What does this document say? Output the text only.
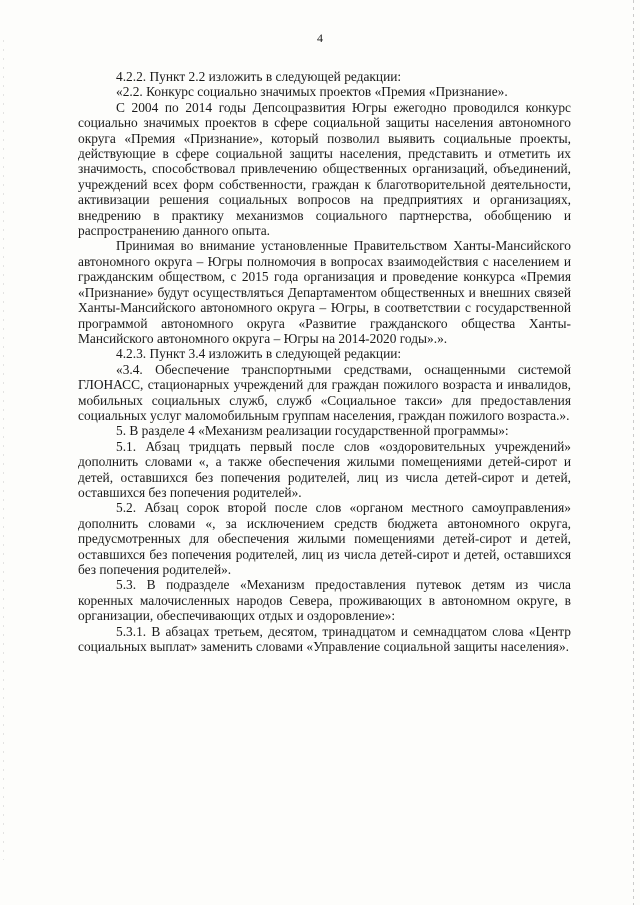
4

4.2.2. Пункт 2.2 изложить в следующей редакции:

«2.2. Конкурс социально значимых проектов «Премия «Признание».

С 2004 по 2014 годы Депсоцразвития Югры ежегодно проводился конкурс социально значимых проектов в сфере социальной защиты населения автономного округа «Премия «Признание», который позволил выявить социальные проекты, действующие в сфере социальной защиты населения, представить и отметить их значимость, способствовал привлечению общественных организаций, объединений, учреждений всех форм собственности, граждан к благотворительной деятельности, активизации решения социальных вопросов на предприятиях и организациях, внедрению в практику механизмов социального партнерства, обобщению и распространению данного опыта.

Принимая во внимание установленные Правительством Ханты-Мансийского автономного округа – Югры полномочия в вопросах взаимодействия с населением и гражданским обществом, с 2015 года организация и проведение конкурса «Премия «Признание» будут осуществляться Департаментом общественных и внешних связей Ханты-Мансийского автономного округа – Югры, в соответствии с государственной программой автономного округа «Развитие гражданского общества Ханты-Мансийского автономного округа – Югры на 2014-2020 годы».».

4.2.3. Пункт 3.4 изложить в следующей редакции:

«3.4. Обеспечение транспортными средствами, оснащенными системой ГЛОНАСС, стационарных учреждений для граждан пожилого возраста и инвалидов, мобильных социальных служб, служб «Социальное такси» для предоставления социальных услуг маломобильным группам населения, граждан пожилого возраста.».

5. В разделе 4 «Механизм реализации государственной программы»:

5.1. Абзац тридцать первый после слов «оздоровительных учреждений» дополнить словами «, а также обеспечения жилыми помещениями детей-сирот и детей, оставшихся без попечения родителей, лиц из числа детей-сирот и детей, оставшихся без попечения родителей».

5.2. Абзац сорок второй после слов «органом местного самоуправления» дополнить словами «, за исключением средств бюджета автономного округа, предусмотренных для обеспечения жилыми помещениями детей-сирот и детей, оставшихся без попечения родителей, лиц из числа детей-сирот и детей, оставшихся без попечения родителей».

5.3. В подразделе «Механизм предоставления путевок детям из числа коренных малочисленных народов Севера, проживающих в автономном округе, в организации, обеспечивающих отдых и оздоровление»:

5.3.1. В абзацах третьем, десятом, тринадцатом и семнадцатом слова «Центр социальных выплат» заменить словами «Управление социальной защиты населения».
